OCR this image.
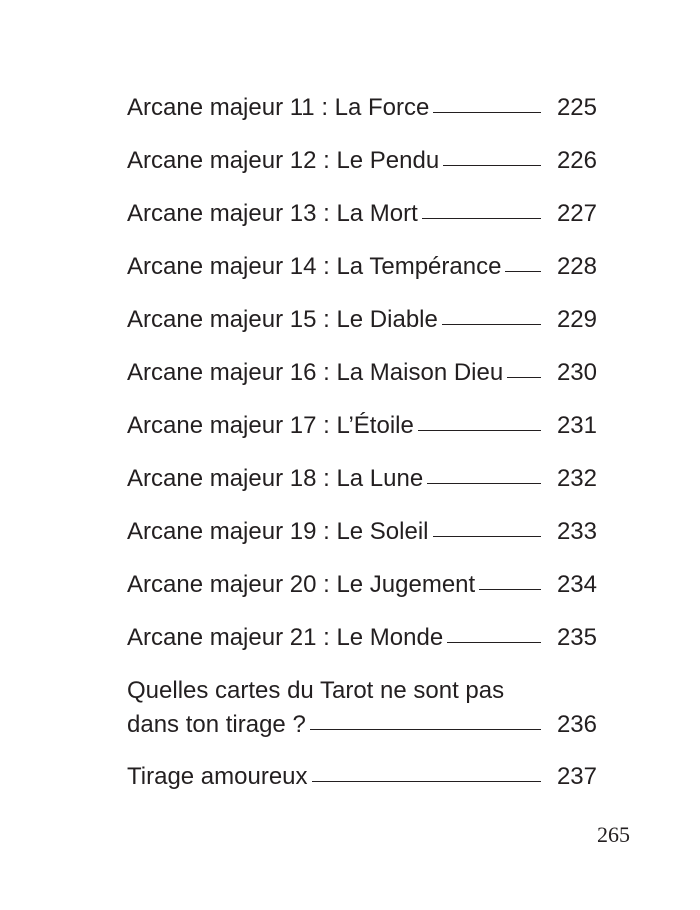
Arcane majeur 11 : La Force	225
Arcane majeur 12 : Le Pendu	226
Arcane majeur 13 : La Mort	227
Arcane majeur 14 : La Tempérance 228
Arcane majeur 15 : Le Diable	229
Arcane majeur 16 : La Maison Dieu 230
Arcane majeur 17 : L’Étoile	231
Arcane majeur 18 : La Lune	232
Arcane majeur 19 : Le Soleil	233
Arcane majeur 20 : Le Jugement	234
Arcane majeur 21 : Le Monde	235
Quelles cartes du Tarot ne sont pas
dans ton tirage ?	236
Tirage amoureux	237
265
